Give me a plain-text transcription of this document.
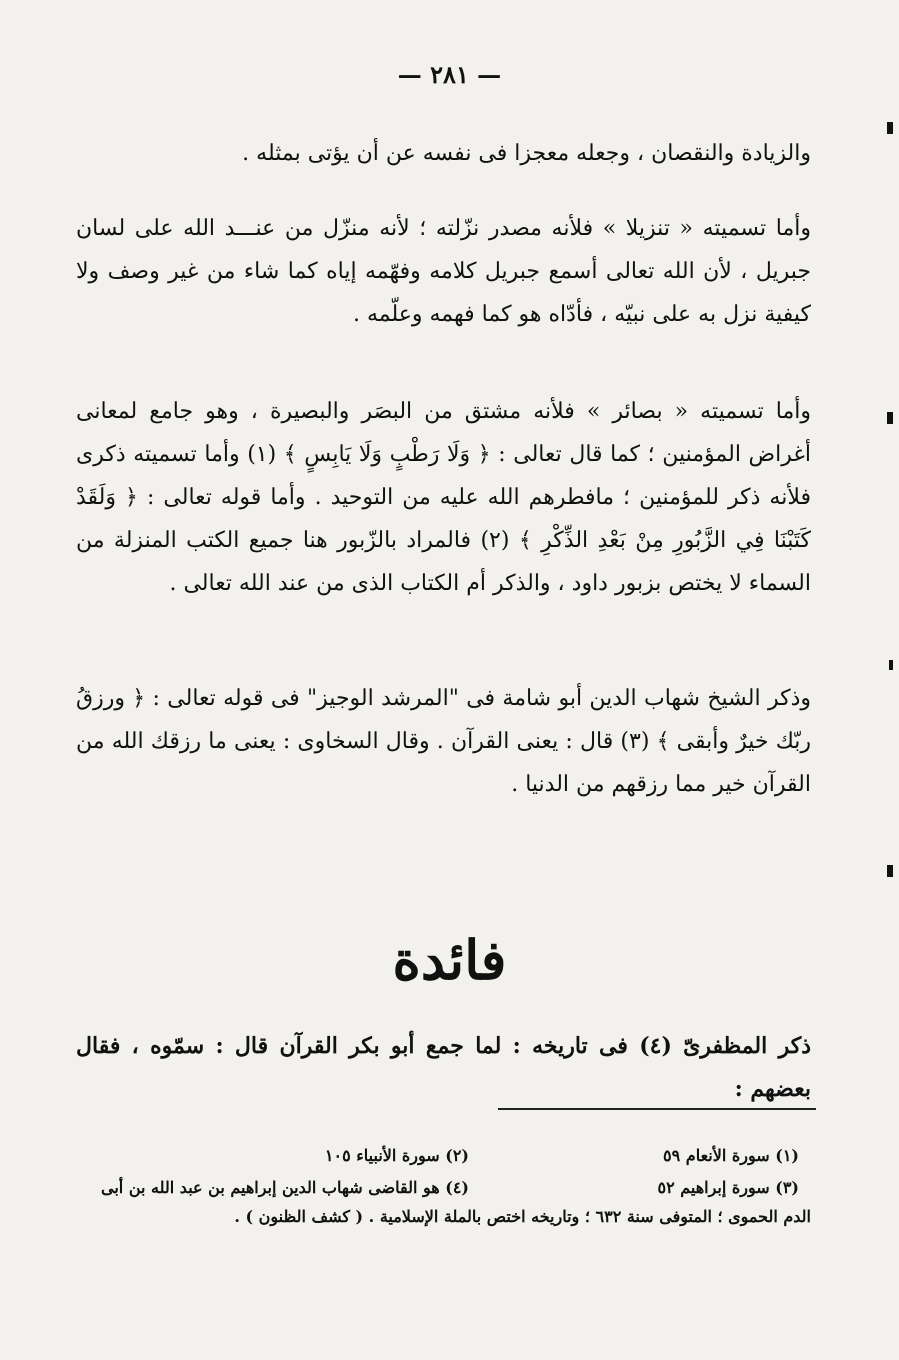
— ٢٨١ —
والزيادة والنقصان ، وجعله معجزا فى نفسه عن أن يؤتى بمثله .
وأما تسميته « تنزيلا » فلأنه مصدر نزّلته ؛ لأنه منزّل من عنـــد الله على لسان جبريل ، لأن الله تعالى أسمع جبريل كلامه وفهّمه إياه كما شاء من غير وصف ولا كيفية نزل به على نبيّه ، فأدّاه هو كما فهمه وعلّمه .
وأما تسميته « بصائر » فلأنه مشتق من البصَر والبصيرة ، وهو جامع لمعانى أغراض المؤمنين ؛ كما قال تعالى : ﴿ وَلَا رَطْبٍ وَلَا يَابِسٍ ﴾ (١) وأما تسميته ذكرى فلأنه ذكر للمؤمنين ؛ مافطرهم الله عليه من التوحيد . وأما قوله تعالى : ﴿ وَلَقَدْ كَتَبْنَا فِي الزَّبُورِ مِنْ بَعْدِ الذِّكْرِ ﴾ (٢) فالمراد بالزّبور هنا جميع الكتب المنزلة من السماء لا يختص بزبور داود ، والذكر أم الكتاب الذى من عند الله تعالى .
وذكر الشيخ شهاب الدين أبو شامة فى "المرشد الوجيز" فى قوله تعالى : ﴿ ورزقُ ربّك خيرٌ وأبقى ﴾ (٣) قال : يعنى القرآن . وقال السخاوى : يعنى ما رزقك الله من القرآن خير مما رزقهم من الدنيا .
فائدة
ذكر المظفرىّ (٤) فى تاريخه : لما جمع أبو بكر القرآن قال : سمّوه ، فقال بعضهم :
(١) سورة الأنعام ٥٩
(٢) سورة الأنبياء ١٠٥
(٣) سورة إبراهيم ٥٢
(٤) هو القاضى شهاب الدين إبراهيم بن عبد الله بن أبى
الدم الحموى ؛ المتوفى سنة ٦٣٢ ؛ وتاريخه اختص بالملة الإسلامية . ( كشف الظنون ) .
